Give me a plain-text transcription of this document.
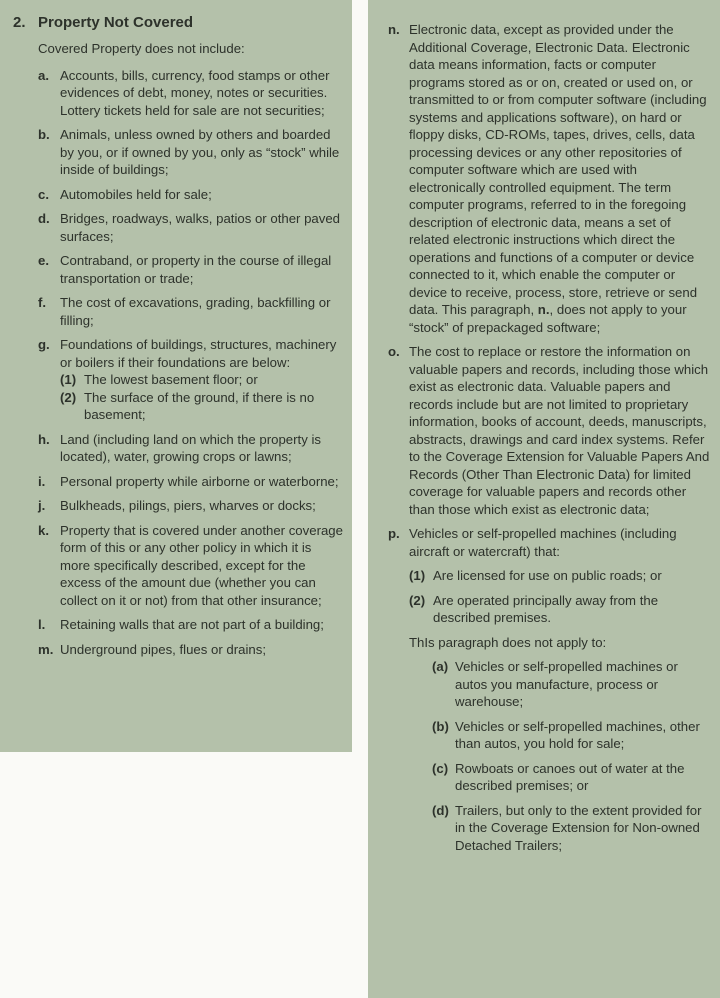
2. Property Not Covered
Covered Property does not include:
a. Accounts, bills, currency, food stamps or other evidences of debt, money, notes or securities. Lottery tickets held for sale are not securities;
b. Animals, unless owned by others and boarded by you, or if owned by you, only as “stock” while inside of buildings;
c. Automobiles held for sale;
d. Bridges, roadways, walks, patios or other paved surfaces;
e. Contraband, or property in the course of illegal transportation or trade;
f.	The cost of excavations, grading, backfilling or filling;
g. Foundations of buildings, structures, machinery or boilers if their foundations are below:
(1) The lowest basement floor; or
(2) The surface of the ground, if there is no basement;
h. Land (including land on which the property is located), water, growing crops or lawns;
i.	Personal property while airborne or waterborne;
j.	Bulkheads, pilings, piers, wharves or docks;
k. Property that is covered under another coverage form of this or any other policy in which it is more specifically described, except for the excess of the amount due (whether you can collect on it or not) from that other insurance;
l.	Retaining walls that are not part of a building;
m. Underground pipes, flues or drains;
n. Electronic data, except as provided under the Additional Coverage, Electronic Data. Electronic data means information, facts or computer programs stored as or on, created or used on, or transmitted to or from computer software (including systems and applications software), on hard or floppy disks, CD-ROMs, tapes, drives, cells, data processing devices or any other repositories of computer software which are used with electronically controlled equipment. The term computer programs, referred to in the foregoing description of electronic data, means a set of related electronic instructions which direct the operations and functions of a computer or device connected to it, which enable the computer or device to receive, process, store, retrieve or send data. This paragraph, n., does not apply to your “stock” of prepackaged software;
o. The cost to replace or restore the information on valuable papers and records, including those which exist as electronic data. Valuable papers and records include but are not limited to proprietary information, books of account, deeds, manuscripts, abstracts, drawings and card index systems. Refer to the Coverage Extension for Valuable Papers And Records (Other Than Electronic Data) for limited coverage for valuable papers and records other than those which exist as electronic data;
p. Vehicles or self-propelled machines (including aircraft or watercraft) that:
(1) Are licensed for use on public roads; or
(2) Are operated principally away from the described premises.
ThIs paragraph does not apply to:
(a) Vehicles or self-propelled machines or autos you manufacture, process or warehouse;
(b) Vehicles or self-propelled machines, other than autos, you hold for sale;
(c) Rowboats or canoes out of water at the described premises; or
(d) Trailers, but only to the extent provided for in the Coverage Extension for Non-owned Detached Trailers;
